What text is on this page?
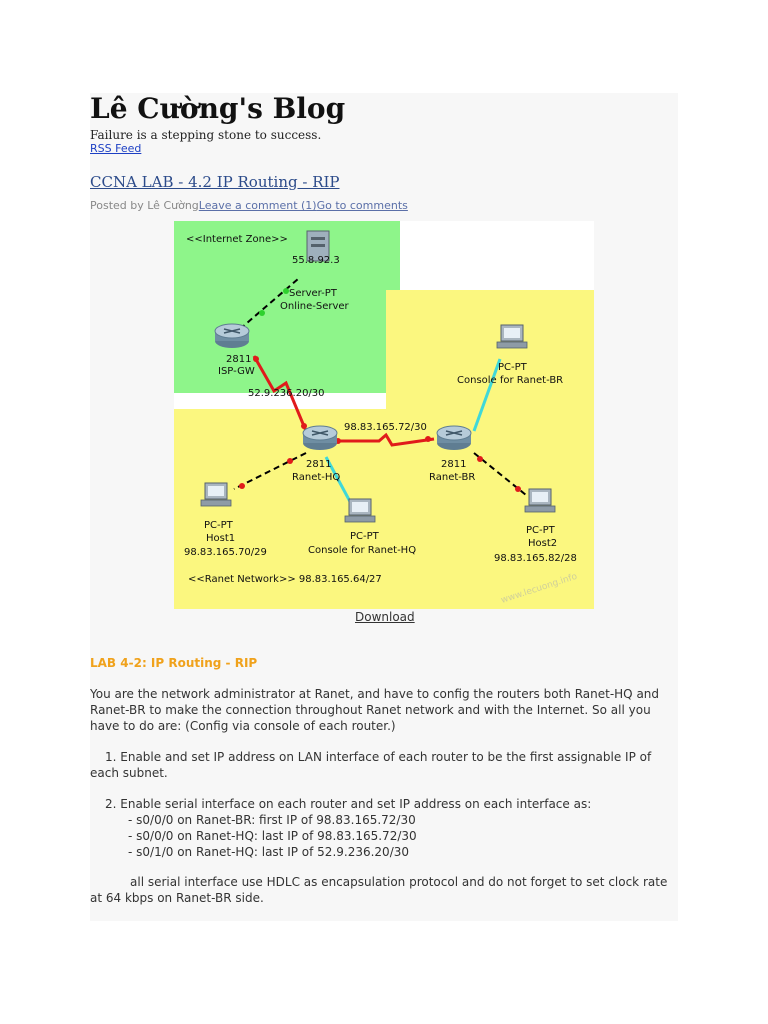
Lê Cường's Blog
Failure is a stepping stone to success.
RSS Feed
CCNA LAB - 4.2 IP Routing - RIP
Posted by Lê CườngLeave a comment (1)Go to comments
<<Internet Zone>>
55.8.92.3
Server-PT
Online-Server
2811
ISP-GW
52.9.236.20/30
98.83.165.72/30
2811
Ranet-HQ
2811
Ranet-BR
PC-PT
Console for Ranet-BR
PC-PT
Host1
98.83.165.70/29
PC-PT
Console for Ranet-HQ
PC-PT
Host2
98.83.165.82/28
<<Ranet Network>> 98.83.165.64/27	www.lecuong.info
Download
LAB 4-2: IP Routing - RIP

You are the network administrator at Ranet, and have to config the routers both Ranet-HQ and Ranet-BR to make the connection throughout Ranet network and with the Internet. So all you have to do are: (Config via console of each router.)

1. Enable and set IP address on LAN interface of each router to be the first assignable IP of each subnet.

2. Enable serial interface on each router and set IP address on each interface as:

- s0/0/0 on Ranet-BR: first IP of 98.83.165.72/30

- s0/0/0 on Ranet-HQ: last IP of 98.83.165.72/30

- s0/1/0 on Ranet-HQ: last IP of 52.9.236.20/30

all serial interface use HDLC as encapsulation protocol and do not forget to set clock rate at 64 kbps on Ranet-BR side.
